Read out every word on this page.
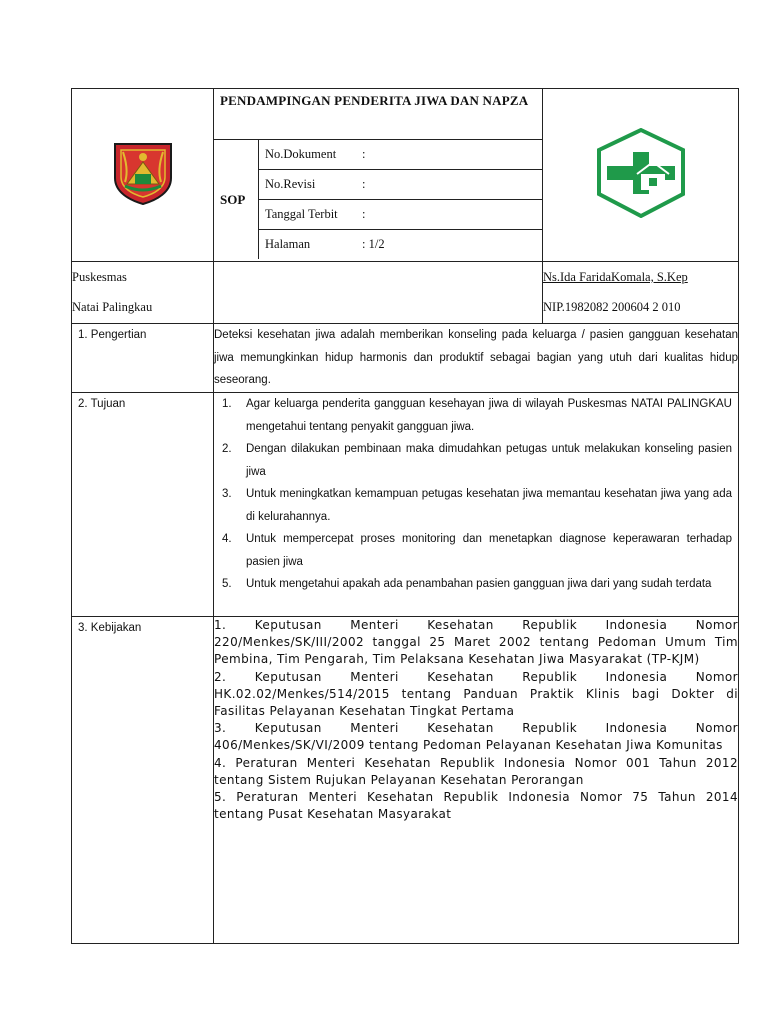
PENDAMPINGAN PENDERITA JIWA DAN NAPZA
SOP	No.Dokument :
No.Revisi	:
Tanggal Terbit :
Halaman	: 1/2

Puskesmas
Natai Palingkau

Ns.Ida FaridaKomala, S.Kep
NIP.1982082 200604 2 010

1. Pengertian	Deteksi kesehatan jiwa adalah memberikan konseling pada keluarga / pasien gangguan kesehatan jiwa memungkinkan hidup harmonis dan produktif sebagai bagian yang utuh dari kualitas hidup seseorang.

2. Tujuan	1. Agar keluarga penderita gangguan kesehayan jiwa di wilayah Puskesmas NATAI PALINGKAU mengetahui tentang penyakit gangguan jiwa.
2. Dengan dilakukan pembinaan maka dimudahkan petugas untuk melakukan konseling pasien jiwa
3. Untuk meningkatkan kemampuan petugas kesehatan jiwa memantau kesehatan jiwa yang ada di kelurahannya.
4. Untuk mempercepat proses monitoring dan menetapkan diagnose keperawaran terhadap pasien jiwa
5. Untuk mengetahui apakah ada penambahan pasien gangguan jiwa dari yang sudah terdata

3. Kebijakan	1. Keputusan Menteri Kesehatan Republik Indonesia Nomor 220/Menkes/SK/III/2002 tanggal 25 Maret 2002 tentang Pedoman Umum Tim Pembina, Tim Pengarah, Tim Pelaksana Kesehatan Jiwa Masyarakat (TP-KJM)

2. Keputusan Menteri Kesehatan Republik Indonesia Nomor HK.02.02/Menkes/514/2015 tentang Panduan Praktik Klinis bagi Dokter di Fasilitas Pelayanan Kesehatan Tingkat Pertama

3. Keputusan Menteri Kesehatan Republik Indonesia Nomor 406/Menkes/SK/VI/2009 tentang Pedoman Pelayanan Kesehatan Jiwa Komunitas

4. Peraturan Menteri Kesehatan Republik Indonesia Nomor 001 Tahun 2012 tentang Sistem Rujukan Pelayanan Kesehatan Perorangan

5. Peraturan Menteri Kesehatan Republik Indonesia Nomor 75 Tahun 2014 tentang Pusat Kesehatan Masyarakat
